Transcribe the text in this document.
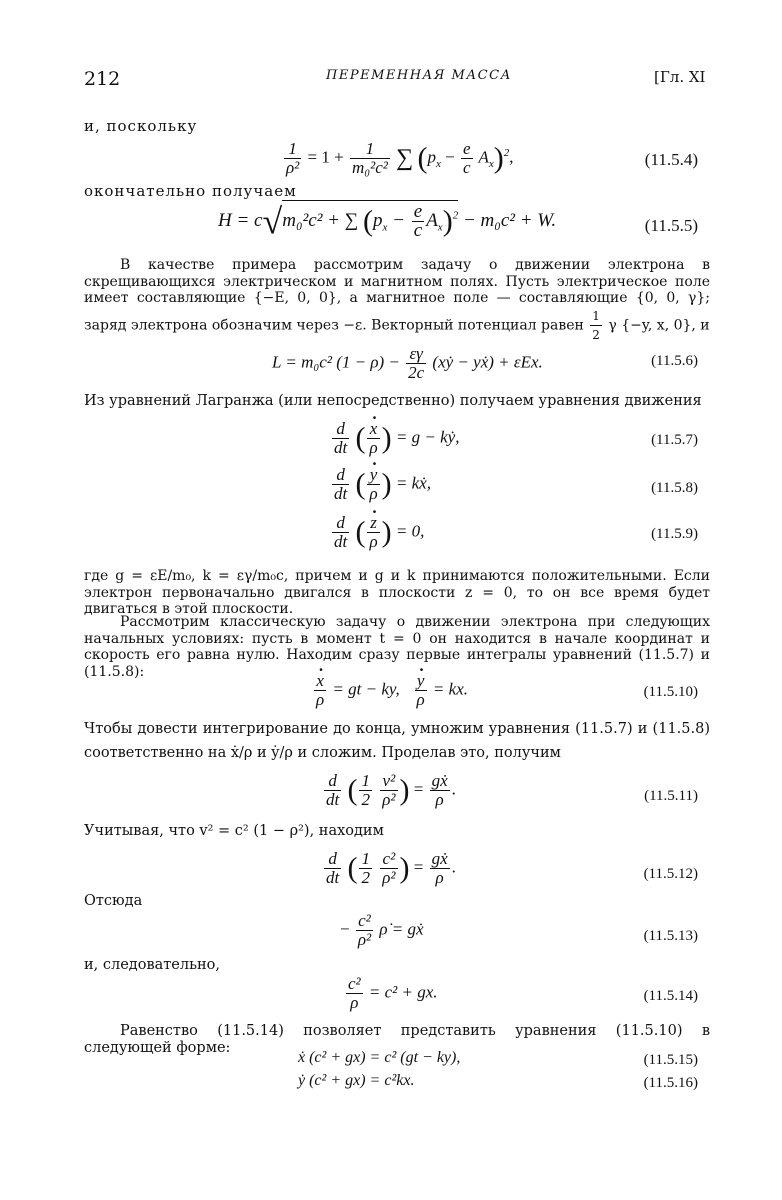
212	ПЕРЕМЕННАЯ МАССА	[Гл. XI
и, поскольку
$\frac{1}{\text{ρ²}} = 1 + \frac{1}{\text{m₀²c²}}$ ∑ $(p_x - \frac{e}{c} A_x)^2$,	(11.5.4)
окончательно получаем
H = c√m₀²c² + ∑ $(p_x - \frac{e}{c} A_x)^2 - m_0c^2 + W$.	(11.5.5)
В качестве примера рассмотрим задачу о движении электрона в скрещивающихся электрическом и магнитном полях. Пусть электрическое поле имеет составляющие {−E, 0, 0}, а магнитное поле — составляющие {0, 0, γ}; заряд электрона обозначим через −ε. Векторный потенциал равен $\frac{1}{2}$ γ {−y, x, 0}, и
L = m₀c² $(1 - \rho) - \frac{\varepsilon\gamma}{2c}$ (xẏ − yẋ) + εEx.	(11.5.6)
Из уравнений Лагранжа (или непосредственно) получаем уравнения движения
$\frac{d}{dt}$ ( . $\frac{x}{\rho}$ ) = g − kẏ,	(11.5.7)
$\frac{d}{dt}$ ( . $\frac{y}{\rho}$ ) = kẋ,	(11.5.8)
$\frac{d}{dt}$ ( . $\frac{z}{\rho}$ ) = 0,	(11.5.9)
где g = εE/m₀, k = εγ/m₀c, причем и g и k принимаются положительными. Если электрон первоначально двигался в плоскости z = 0, то он все время будет двигаться в этой плоскости.
Рассмотрим классическую задачу о движении электрона при следующих начальных условиях: пусть в момент t = 0 он находится в начале координат и скорость его равна нулю. Находим сразу первые интегралы уравнений (11.5.7) и (11.5.8):
. $\frac{x}{\rho}$ = gt − ky, . $\frac{y}{\rho}$ = kx.	(11.5.10)
Чтобы довести интегрирование до конца, умножим уравнения (11.5.7) и (11.5.8) соответственно на ẋ/ρ и ẏ/ρ и сложим. Проделав это, получим
$\frac{d}{dt}$ ( $\frac{1}{2}$
$\frac{\text{v²}}{\text{ρ²}}$ ) = $\frac{\text{gẋ}}{\rho}$ .	(11.5.11)
Учитывая, что v² = c² (1 − ρ²), находим
$\frac{d}{dt}$ ( $\frac{1}{2}$
$\frac{\text{c²}}{\text{ρ²}}$ ) = $\frac{\text{gẋ}}{\rho}$ .	(11.5.12)
Отсюда
− $\frac{\text{c²}}{\text{ρ²}}$ ρ̇ = gẋ	(11.5.13)
и, следовательно,
$\frac{\text{c²}}{\rho} = c^2$ + gx.	(11.5.14)
Равенство (11.5.14) позволяет представить уравнения (11.5.10) в следующей форме:
ẋ (c² + gx) = c² (gt − ky),	(11.5.15)
ẏ (c² + gx) = c²kx.	(11.5.16)
